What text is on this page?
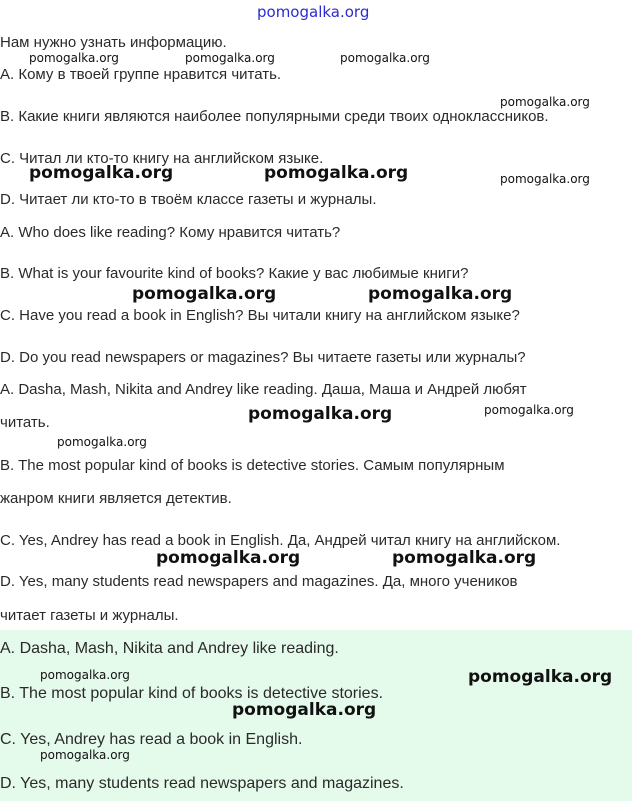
pomogalka.org
Нам нужно узнать информацию.
A. Кому в твоей группе нравится читать.
B. Какие книги являются наиболее популярными среди твоих одноклассников.
C. Читал ли кто-то книгу на английском языке.
D. Читает ли кто-то в твоём классе газеты и журналы.
A. Who does like reading? Кому нравится читать?
B. What is your favourite kind of books? Какие у вас любимые книги?
C. Have you read a book in English? Вы читали книгу на английском языке?
D. Do you read newspapers or magazines? Вы читаете газеты или журналы?
A. Dasha, Mash, Nikita and Andrey like reading. Даша, Маша и Андрей любят
читать.
B. The most popular kind of books is detective stories. Самым популярным
жанром книги является детектив.
C. Yes, Andrey has read a book in English. Да, Андрей читал книгу на английском.
D. Yes, many students read newspapers and magazines. Да, много учеников
читает газеты и журналы.
A. Dasha, Mash, Nikita and Andrey like reading.
B. The most popular kind of books is detective stories.
C. Yes, Andrey has read a book in English.
D. Yes, many students read newspapers and magazines.
pomogalka.org	pomogalka.org	pomogalka.org
pomogalka.org
pomogalka.org	pomogalka.org	pomogalka.org
pomogalka.org	pomogalka.org
pomogalka.org	pomogalka.org
pomogalka.org
pomogalka.org	pomogalka.org
pomogalka.org	pomogalka.org
pomogalka.org
pomogalka.org
